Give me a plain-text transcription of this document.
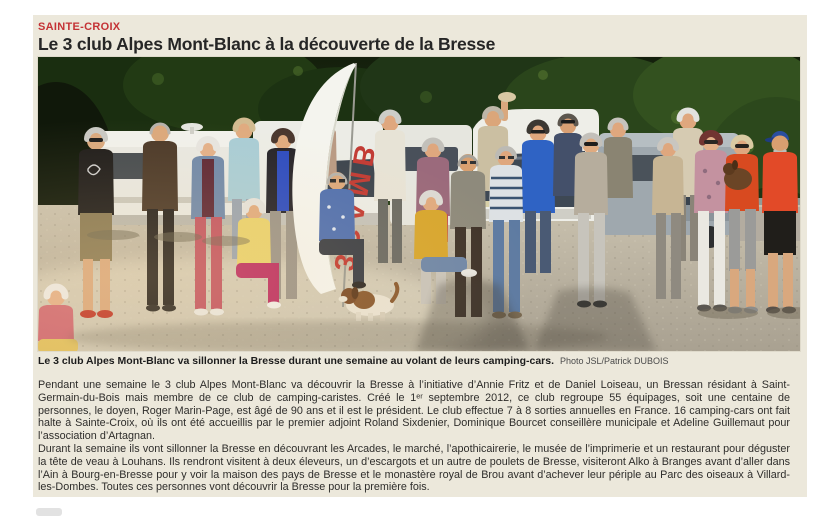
SAINTE-CROIX
Le 3 club Alpes Mont-Blanc à la découverte de la Bresse
Le 3 club Alpes Mont-Blanc va sillonner la Bresse durant une semaine au volant de leurs camping-cars. Photo JSL/Patrick DUBOIS

Pendant une semaine le 3 club Alpes Mont-Blanc va découvrir la Bresse à l’initiative d’Annie Fritz et de Daniel Loiseau, un Bressan résidant à Saint-Germain-du-Bois mais membre de ce club de camping-caristes. Créé le 1ᵉʳ septembre 2012, ce club regroupe 55 équipages, soit une centaine de personnes, le doyen, Roger Marin-Page, est âgé de 90 ans et il est le président. Le club effectue 7 à 8 sorties annuelles en France. 16 camping-cars ont fait halte à Sainte-Croix, où ils ont été accueillis par le premier adjoint Roland Sixdenier, Dominique Bourcet conseillère municipale et Adeline Guillemaut pour l’association d’Artagnan.

Durant la semaine ils vont sillonner la Bresse en découvrant les Arcades, le marché, l’apothicairerie, le musée de l’imprimerie et un restaurant pour déguster la tête de veau à Louhans. Ils rendront visitent à deux éleveurs, un d’escargots et un autre de poulets de Bresse, visiteront Alko à Branges avant d’aller dans l’Ain à Bourg-en-Bresse pour y voir la maison des pays de Bresse et le monastère royal de Brou avant d’achever leur périple au Parc des oiseaux à Villard-les-Dombes. Toutes ces personnes vont découvrir la Bresse pour la première fois.
